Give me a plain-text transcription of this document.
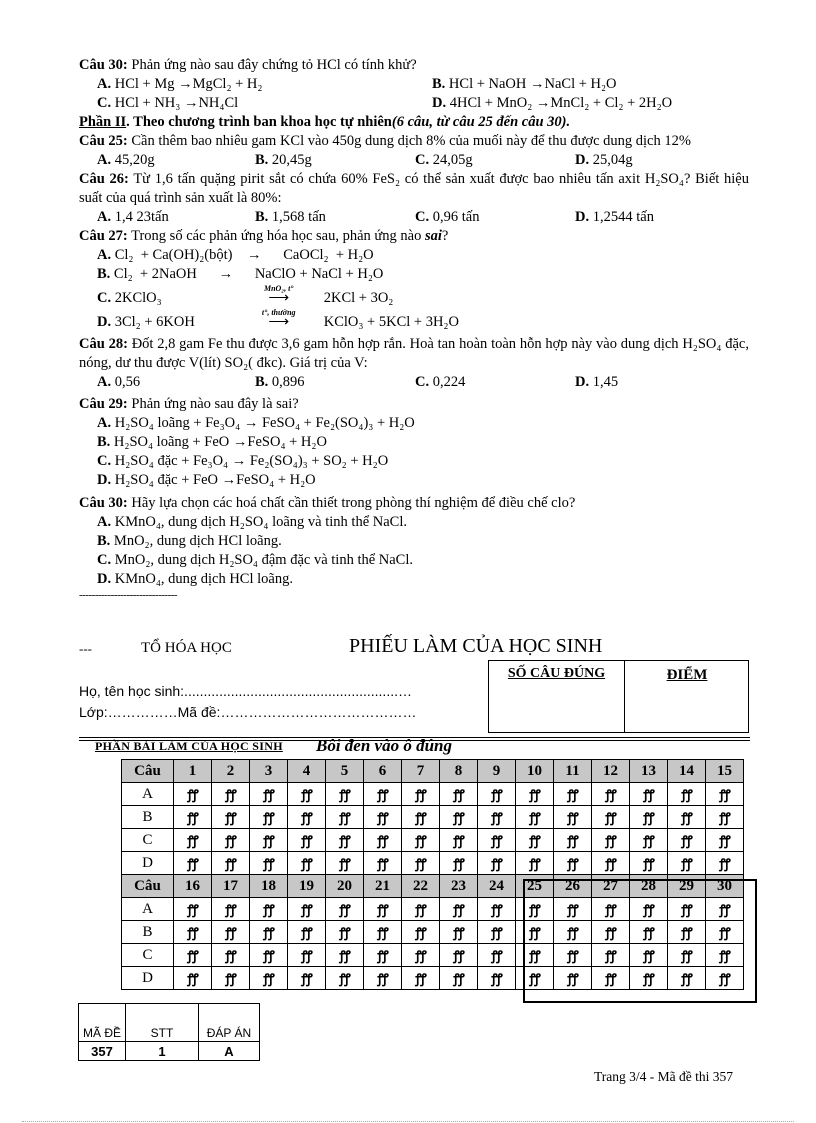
Câu 30: Phản ứng nào sau đây chứng tỏ HCl có tính khử?
A. HCl + Mg →MgCl₂ + H₂	B. HCl + NaOH →NaCl + H₂O
C. HCl + NH₃ →NH₄Cl	D. 4HCl + MnO₂ →MnCl₂ + Cl₂ + 2H₂O
Phần II. Theo chương trình ban khoa học tự nhiên(6 câu, từ câu 25 đến câu 30).
Câu 25: Cần thêm bao nhiêu gam KCl vào 450g dung dịch 8% của muối này để thu được dung dịch 12%
A. 45,20g	B. 20,45g	C. 24,05g	D. 25,04g
Câu 26: Từ 1,6 tấn quặng pirit sắt có chứa 60% FeS₂ có thể sản xuất được bao nhiêu tấn axit H₂SO₄? Biết hiệu suất của quá trình sản xuất là 80%:
A. 1,4 23tấn	B. 1,568 tấn	C. 0,96 tấn	D. 1,2544 tấn
Câu 27: Trong số các phản ứng hóa học sau, phản ứng nào sai?
A. Cl₂  + Ca(OH)₂(bột)    →      CaOCl₂  + H₂O
B. Cl₂  + 2NaOH      →      NaClO + NaCl + H₂O
C. 2KClO₃
MnO₂, t°
⟶ 2KCl + 3O₂
D. 3Cl₂ + 6KOH
t°, thường
⟶ KClO₃ + 5KCl + 3H₂O
Câu 28: Đốt 2,8 gam Fe thu được 3,6 gam hỗn hợp rắn. Hoà tan hoàn toàn hỗn hợp này vào dung dịch H₂SO₄ đặc, nóng, dư thu được V(lít) SO₂( đkc). Giá trị của V:
A. 0,56	B. 0,896	C. 0,224	D. 1,45
Câu 29: Phản ứng nào sau đây là sai?
A. H₂SO₄ loãng + Fe₃O₄ → FeSO₄ + Fe₂(SO₄)₃ + H₂O
B. H₂SO₄ loãng + FeO →FeSO₄ + H₂O
C. H₂SO₄ đặc + Fe₃O₄ → Fe₂(SO₄)₃ + SO₂ + H₂O
D. H₂SO₄ đặc + FeO →FeSO₄ + H₂O
Câu 30: Hãy lựa chọn các hoá chất cần thiết trong phòng thí nghiệm để điều chế clo?
A. KMnO₄, dung dịch H₂SO₄ loãng và tinh thể NaCl.
B. MnO₂, dung dịch HCl loãng.
C. MnO₂, dung dịch H₂SO₄ đậm đặc và tinh thể NaCl.
D. KMnO₄, dung dịch HCl loãng.
-------------------------------
---	TỔ HÓA HỌC	PHIẾU LÀM CỦA HỌC SINH
SỐ CÂU ĐÚNG	ĐIỂM
Họ, tên học sinh:.......................................................…
Lớp:……………Mã đề:……………………………………
PHẦN BÀI LÀM CỦA HỌC SINH Bôi đen vào ô đúng
Câu	1	2	3	4	5	6	7	8	9	10	11	12	13	14	15
A	ꝭꝭ	ꝭꝭ	ꝭꝭ	ꝭꝭ	ꝭꝭ	ꝭꝭ	ꝭꝭ	ꝭꝭ	ꝭꝭ	ꝭꝭ	ꝭꝭ	ꝭꝭ	ꝭꝭ	ꝭꝭ	ꝭꝭ
B	ꝭꝭ	ꝭꝭ	ꝭꝭ	ꝭꝭ	ꝭꝭ	ꝭꝭ	ꝭꝭ	ꝭꝭ	ꝭꝭ	ꝭꝭ	ꝭꝭ	ꝭꝭ	ꝭꝭ	ꝭꝭ	ꝭꝭ
C	ꝭꝭ	ꝭꝭ	ꝭꝭ	ꝭꝭ	ꝭꝭ	ꝭꝭ	ꝭꝭ	ꝭꝭ	ꝭꝭ	ꝭꝭ	ꝭꝭ	ꝭꝭ	ꝭꝭ	ꝭꝭ	ꝭꝭ
D	ꝭꝭ	ꝭꝭ	ꝭꝭ	ꝭꝭ	ꝭꝭ	ꝭꝭ	ꝭꝭ	ꝭꝭ	ꝭꝭ	ꝭꝭ	ꝭꝭ	ꝭꝭ	ꝭꝭ	ꝭꝭ	ꝭꝭ
Câu	16	17	18	19	20	21	22	23	24	25	26	27	28	29	30
A	ꝭꝭ	ꝭꝭ	ꝭꝭ	ꝭꝭ	ꝭꝭ	ꝭꝭ	ꝭꝭ	ꝭꝭ	ꝭꝭ	ꝭꝭ	ꝭꝭ	ꝭꝭ	ꝭꝭ	ꝭꝭ	ꝭꝭ
B	ꝭꝭ	ꝭꝭ	ꝭꝭ	ꝭꝭ	ꝭꝭ	ꝭꝭ	ꝭꝭ	ꝭꝭ	ꝭꝭ	ꝭꝭ	ꝭꝭ	ꝭꝭ	ꝭꝭ	ꝭꝭ	ꝭꝭ
C	ꝭꝭ	ꝭꝭ	ꝭꝭ	ꝭꝭ	ꝭꝭ	ꝭꝭ	ꝭꝭ	ꝭꝭ	ꝭꝭ	ꝭꝭ	ꝭꝭ	ꝭꝭ	ꝭꝭ	ꝭꝭ	ꝭꝭ
D	ꝭꝭ	ꝭꝭ	ꝭꝭ	ꝭꝭ	ꝭꝭ	ꝭꝭ	ꝭꝭ	ꝭꝭ	ꝭꝭ	ꝭꝭ	ꝭꝭ	ꝭꝭ	ꝭꝭ	ꝭꝭ	ꝭꝭ
MÃ ĐỀ	STT	ĐÁP ÁN
357	1	A
Trang 3/4 - Mã đề thi 357
